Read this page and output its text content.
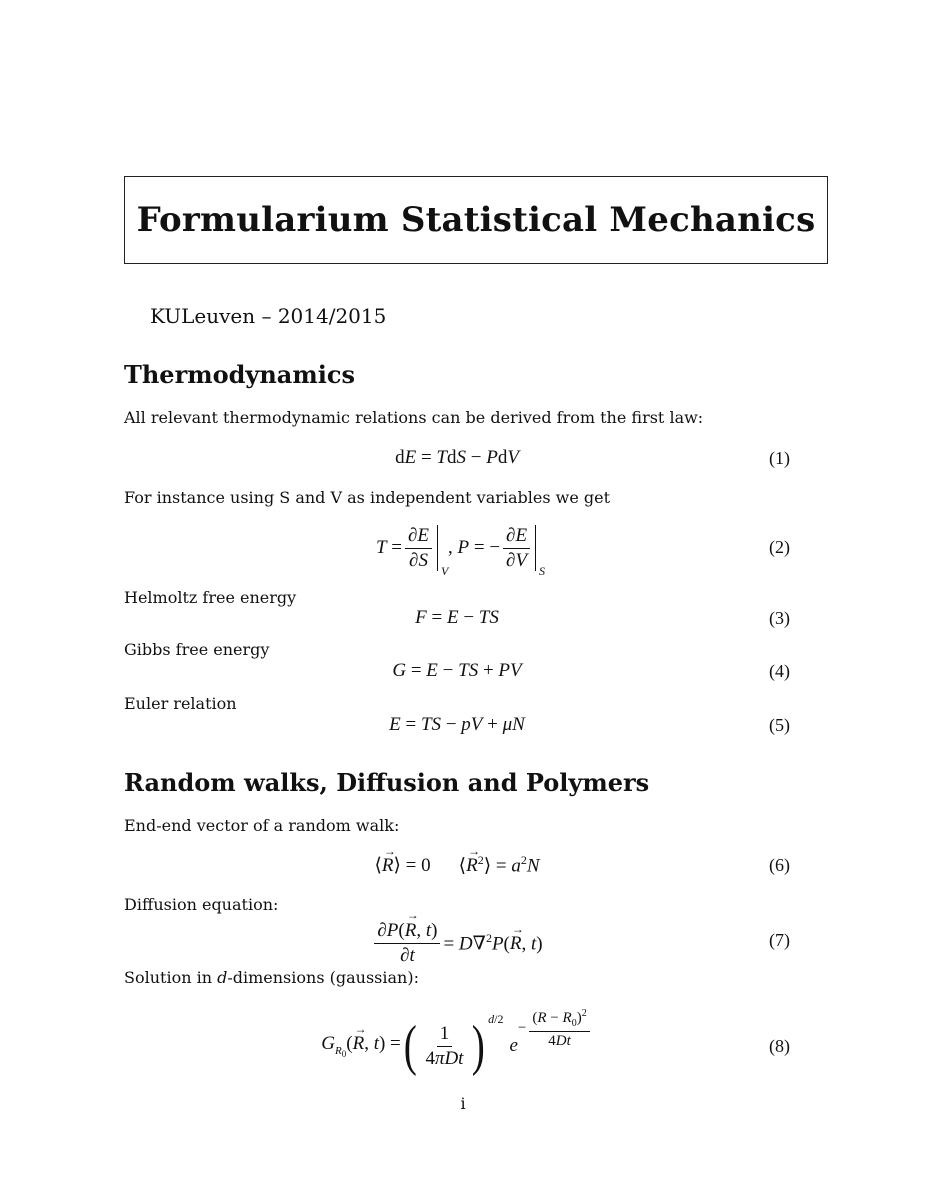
Formularium Statistical Mechanics
KULeuven – 2014/2015
Thermodynamics
All relevant thermodynamic relations can be derived from the first law:
dE = TdS − PdV	(1)
For instance using S and V as independent variables we get
$T = \frac{\partial E}{\partial S}$ V
, P = − $\frac{\partial E}{\partial V}$ S
(2)
Helmoltz free energy
F = E − TS	(3)
Gibbs free energy
G = E − TS + PV	(4)
Euler relation
E = TS − pV + μN	(5)
Random walks, Diffusion and Polymers
End-end vector of a random walk:
⟨→ R⟩ = 0 ⟨→ $R^2⟩ = a^2N$	(6)
Diffusion equation:
$\frac{\partial P(\to R, t)}{\partial t} = D\nabla^2P(\to R$, t)	(7)
Solution in d-dimensions (gaussian):
$G_{R_0}(\to R$, t) = ( $\frac{1}{\text{4πDt}}$ ) $^{d/2}$
e
− $\frac{(R - R_0)^2}{4Dt}$	(8)
i
